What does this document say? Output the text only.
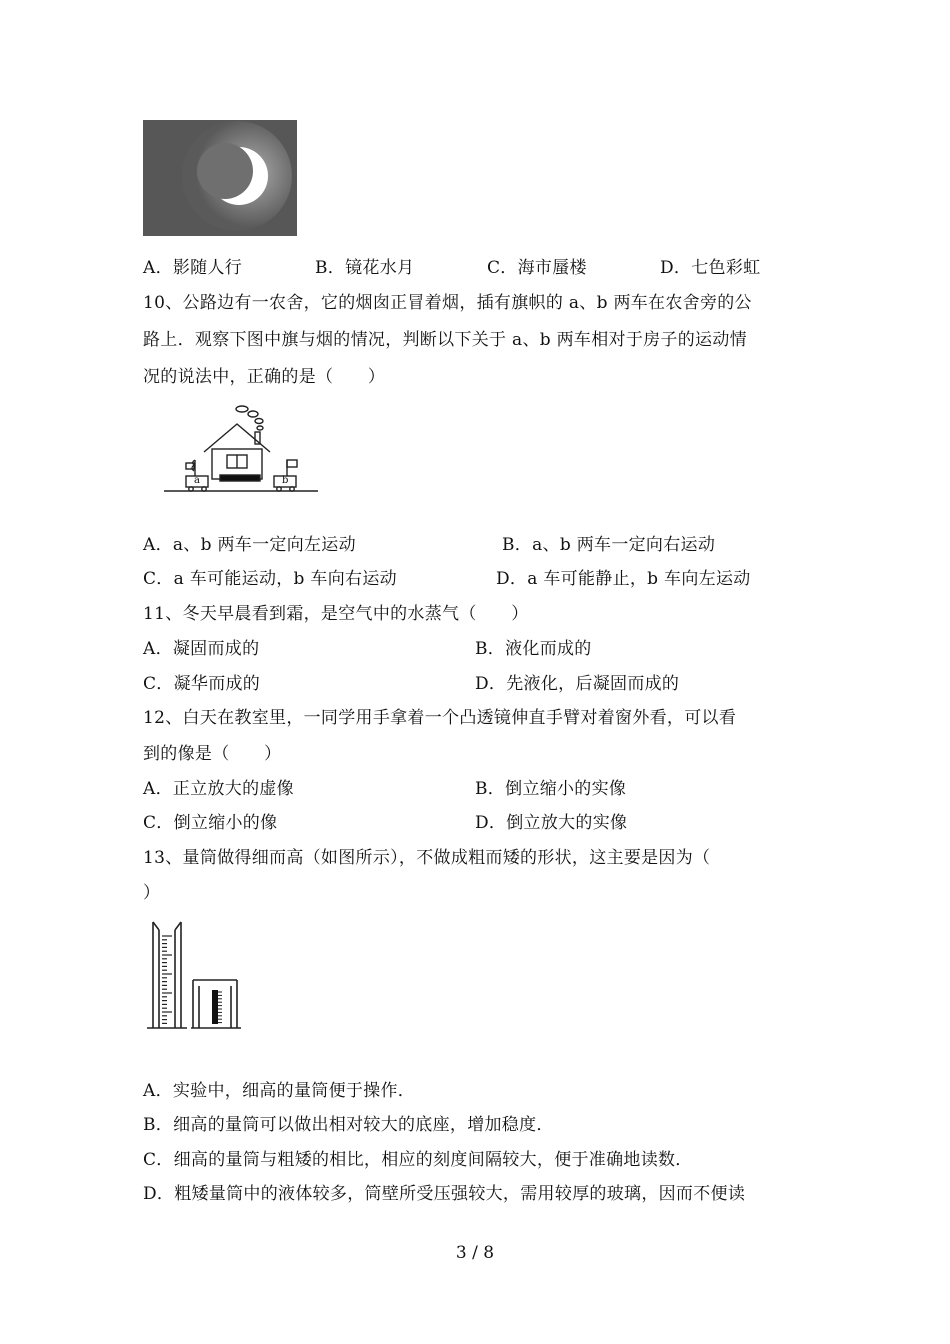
A．影随人行	B．镜花水月	C．海市蜃楼	D．七色彩虹
10、公路边有一农舍，它的烟囱正冒着烟，插有旗帜的 a、b 两车在农舍旁的公
路上．观察下图中旗与烟的情况，判断以下关于 a、b 两车相对于房子的运动情
况的说法中，正确的是（　　）
a	b
A．a、b 两车一定向左运动	B．a、b 两车一定向右运动
C．a 车可能运动，b 车向右运动	D．a 车可能静止，b 车向左运动
11、冬天早晨看到霜，是空气中的水蒸气（　　）
A．凝固而成的	B．液化而成的
C．凝华而成的	D．先液化，后凝固而成的
12、白天在教室里，一同学用手拿着一个凸透镜伸直手臂对着窗外看，可以看
到的像是（　　）
A．正立放大的虚像	B．倒立缩小的实像
C．倒立缩小的像	D．倒立放大的实像
13、量筒做得细而高（如图所示），不做成粗而矮的形状，这主要是因为（
）
A．实验中，细高的量筒便于操作．
B．细高的量筒可以做出相对较大的底座，增加稳度．
C．细高的量筒与粗矮的相比，相应的刻度间隔较大，便于准确地读数．
D．粗矮量筒中的液体较多，筒壁所受压强较大，需用较厚的玻璃，因而不便读
3 / 8
